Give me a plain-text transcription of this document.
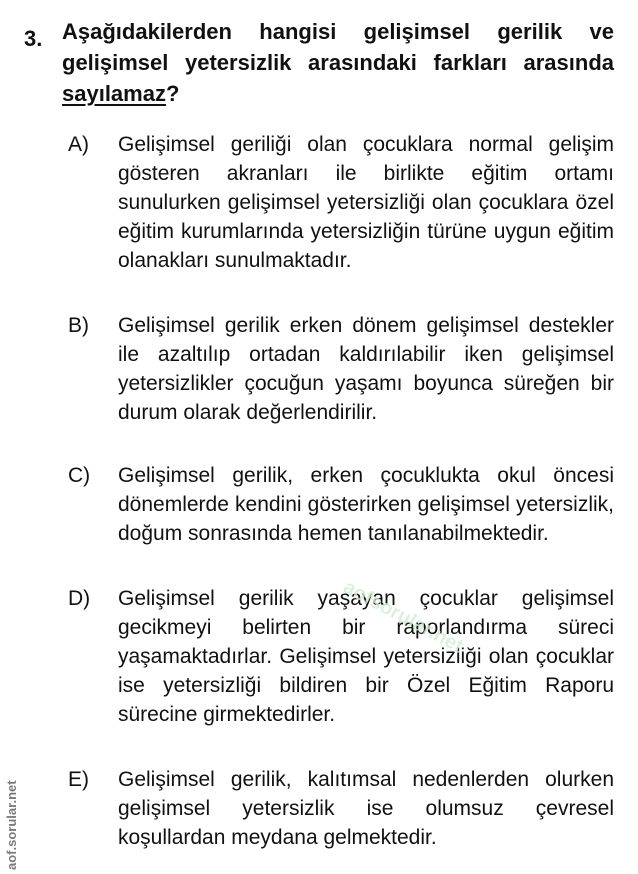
3. Aşağıdakilerden hangisi gelişimsel gerilik ve gelişimsel yetersizlik arasındaki farkları arasında sayılamaz?
A) Gelişimsel geriliği olan çocuklara normal gelişim gösteren akranları ile birlikte eğitim ortamı sunulurken gelişimsel yetersizliği olan çocuklara özel eğitim kurumlarında yetersizliğin türüne uygun eğitim olanakları sunulmaktadır.
B) Gelişimsel gerilik erken dönem gelişimsel destekler ile azaltılıp ortadan kaldırılabilir iken gelişimsel yetersizlikler çocuğun yaşamı boyunca süreğen bir durum olarak değerlendirilir.
C) Gelişimsel gerilik, erken çocuklukta okul öncesi dönemlerde kendini gösterirken gelişimsel yetersizlik, doğum sonrasında hemen tanılanabilmektedir.
D) Gelişimsel gerilik yaşayan çocuklar gelişimsel gecikmeyi belirten bir raporlandırma süreci yaşamaktadırlar. Gelişimsel yetersizliği olan çocuklar ise yetersizliği bildiren bir Özel Eğitim Raporu sürecine girmektedirler.
E) Gelişimsel gerilik, kalıtımsal nedenlerden olurken gelişimsel yetersizlik ise olumsuz çevresel koşullardan meydana gelmektedir.
aof.sorular.net
aofsorular.net
